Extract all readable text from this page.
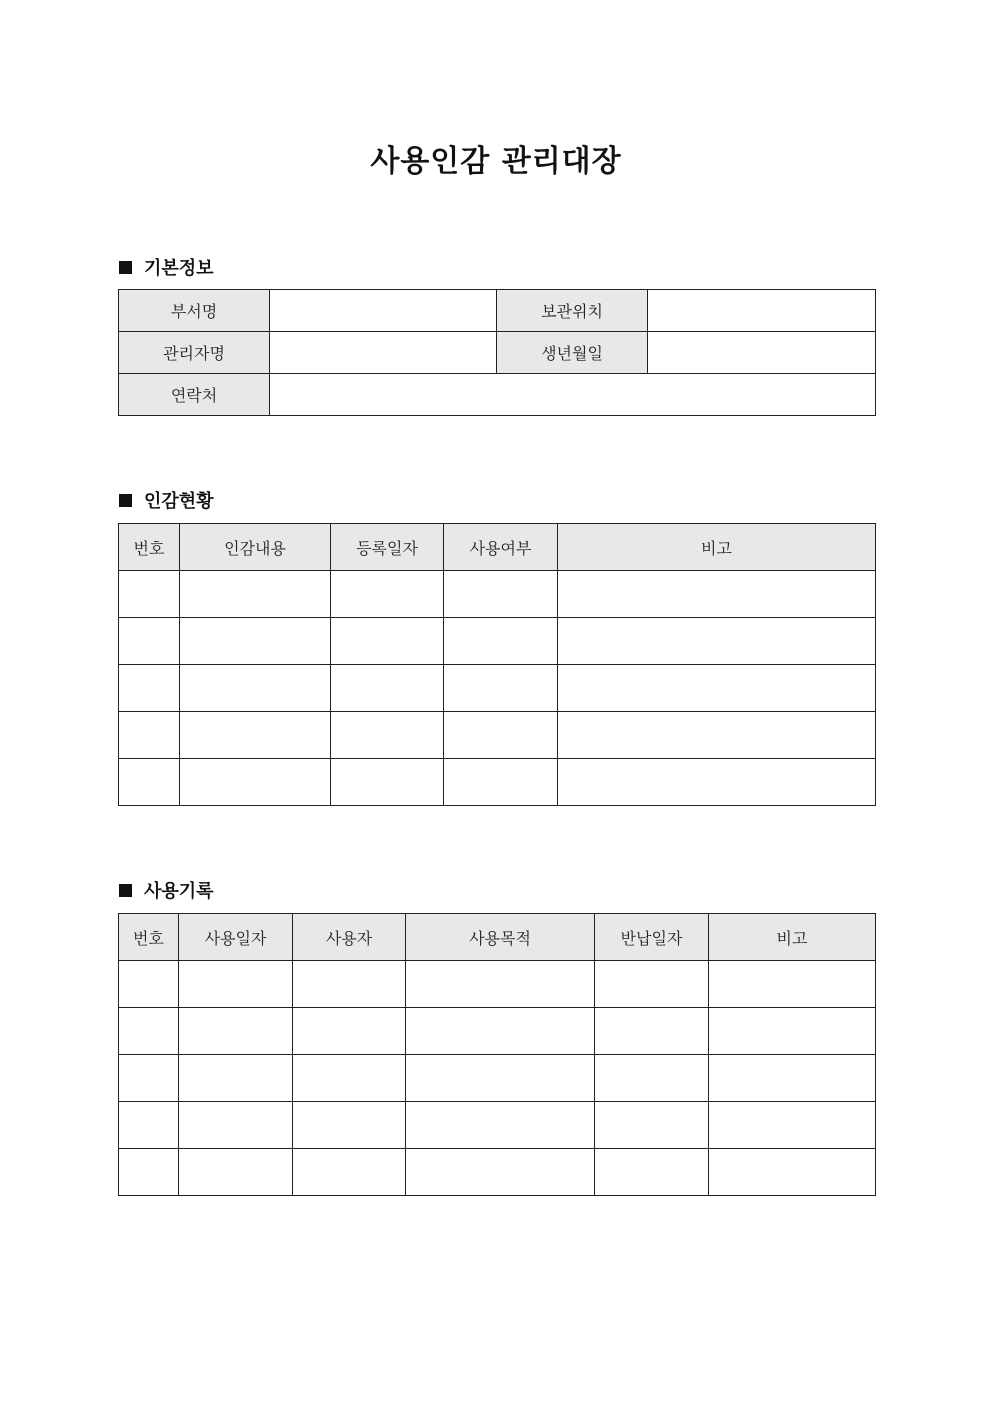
사용인감 관리대장
기본정보
부서명		보관위치	
관리자명		생년월일	
연락처			
인감현황
번호	인감내용	등록일자	사용여부	비고

사용기록
번호	사용일자	사용자	사용목적	반납일자	비고
